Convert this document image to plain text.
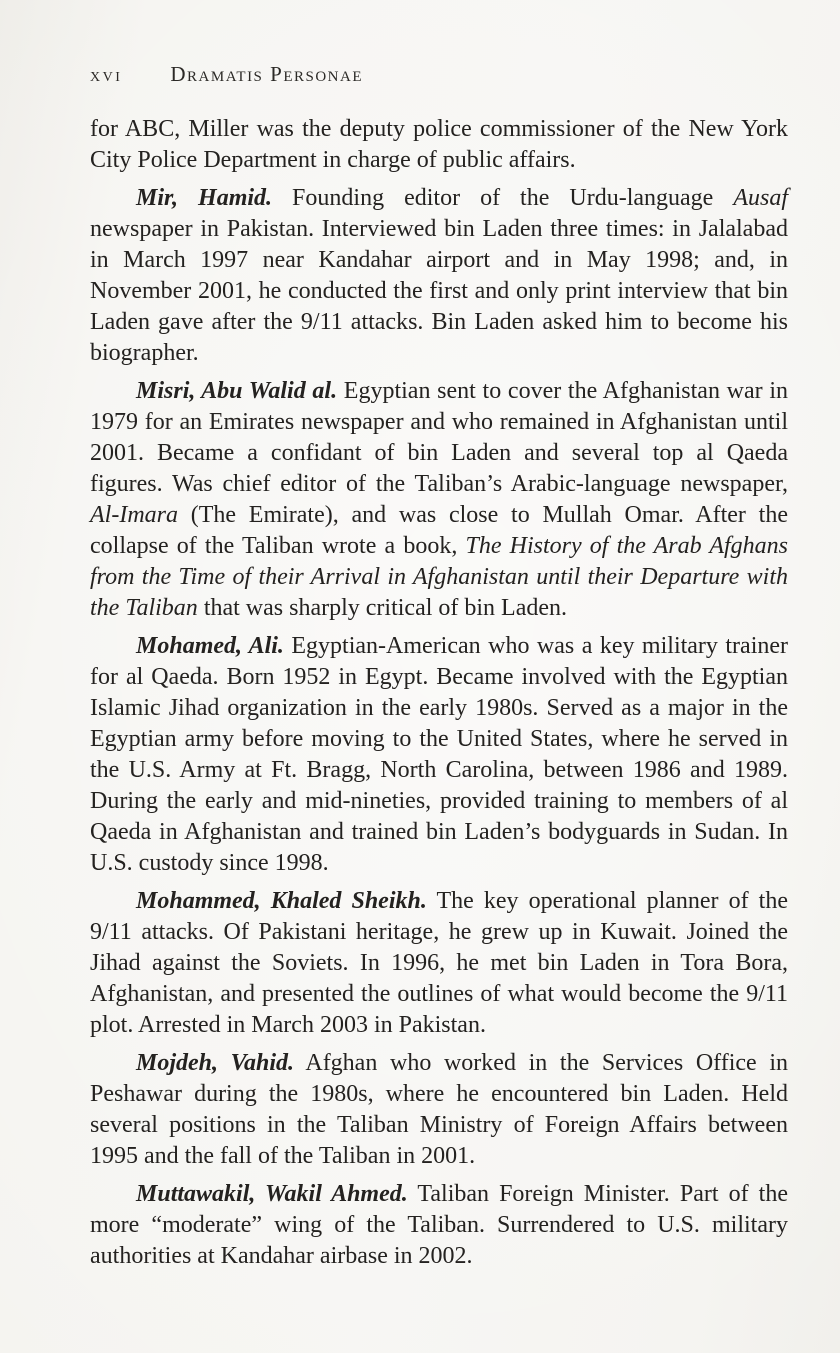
xvi Dramatis Personae

for ABC, Miller was the deputy police commissioner of the New York City Police Department in charge of public affairs.

Mir, Hamid. Founding editor of the Urdu-language Ausaf newspaper in Pakistan. Interviewed bin Laden three times: in Jalalabad in March 1997 near Kandahar airport and in May 1998; and, in November 2001, he conducted the first and only print interview that bin Laden gave after the 9/11 attacks. Bin Laden asked him to become his biographer.

Misri, Abu Walid al. Egyptian sent to cover the Afghanistan war in 1979 for an Emirates newspaper and who remained in Afghanistan until 2001. Became a confidant of bin Laden and several top al Qaeda figures. Was chief editor of the Taliban’s Arabic-language newspaper, Al-Imara (The Emirate), and was close to Mullah Omar. After the collapse of the Taliban wrote a book, The History of the Arab Afghans from the Time of their Arrival in Afghanistan until their Departure with the Taliban that was sharply critical of bin Laden.

Mohamed, Ali. Egyptian-American who was a key military trainer for al Qaeda. Born 1952 in Egypt. Became involved with the Egyptian Islamic Jihad organization in the early 1980s. Served as a major in the Egyptian army before moving to the United States, where he served in the U.S. Army at Ft. Bragg, North Carolina, between 1986 and 1989. During the early and mid-nineties, provided training to members of al Qaeda in Afghanistan and trained bin Laden’s bodyguards in Sudan. In U.S. custody since 1998.

Mohammed, Khaled Sheikh. The key operational planner of the 9/11 attacks. Of Pakistani heritage, he grew up in Kuwait. Joined the Jihad against the Soviets. In 1996, he met bin Laden in Tora Bora, Afghanistan, and presented the outlines of what would become the 9/11 plot. Arrested in March 2003 in Pakistan.

Mojdeh, Vahid. Afghan who worked in the Services Office in Peshawar during the 1980s, where he encountered bin Laden. Held several positions in the Taliban Ministry of Foreign Affairs between 1995 and the fall of the Taliban in 2001.

Muttawakil, Wakil Ahmed. Taliban Foreign Minister. Part of the more “moderate” wing of the Taliban. Surrendered to U.S. military authorities at Kandahar airbase in 2002.
